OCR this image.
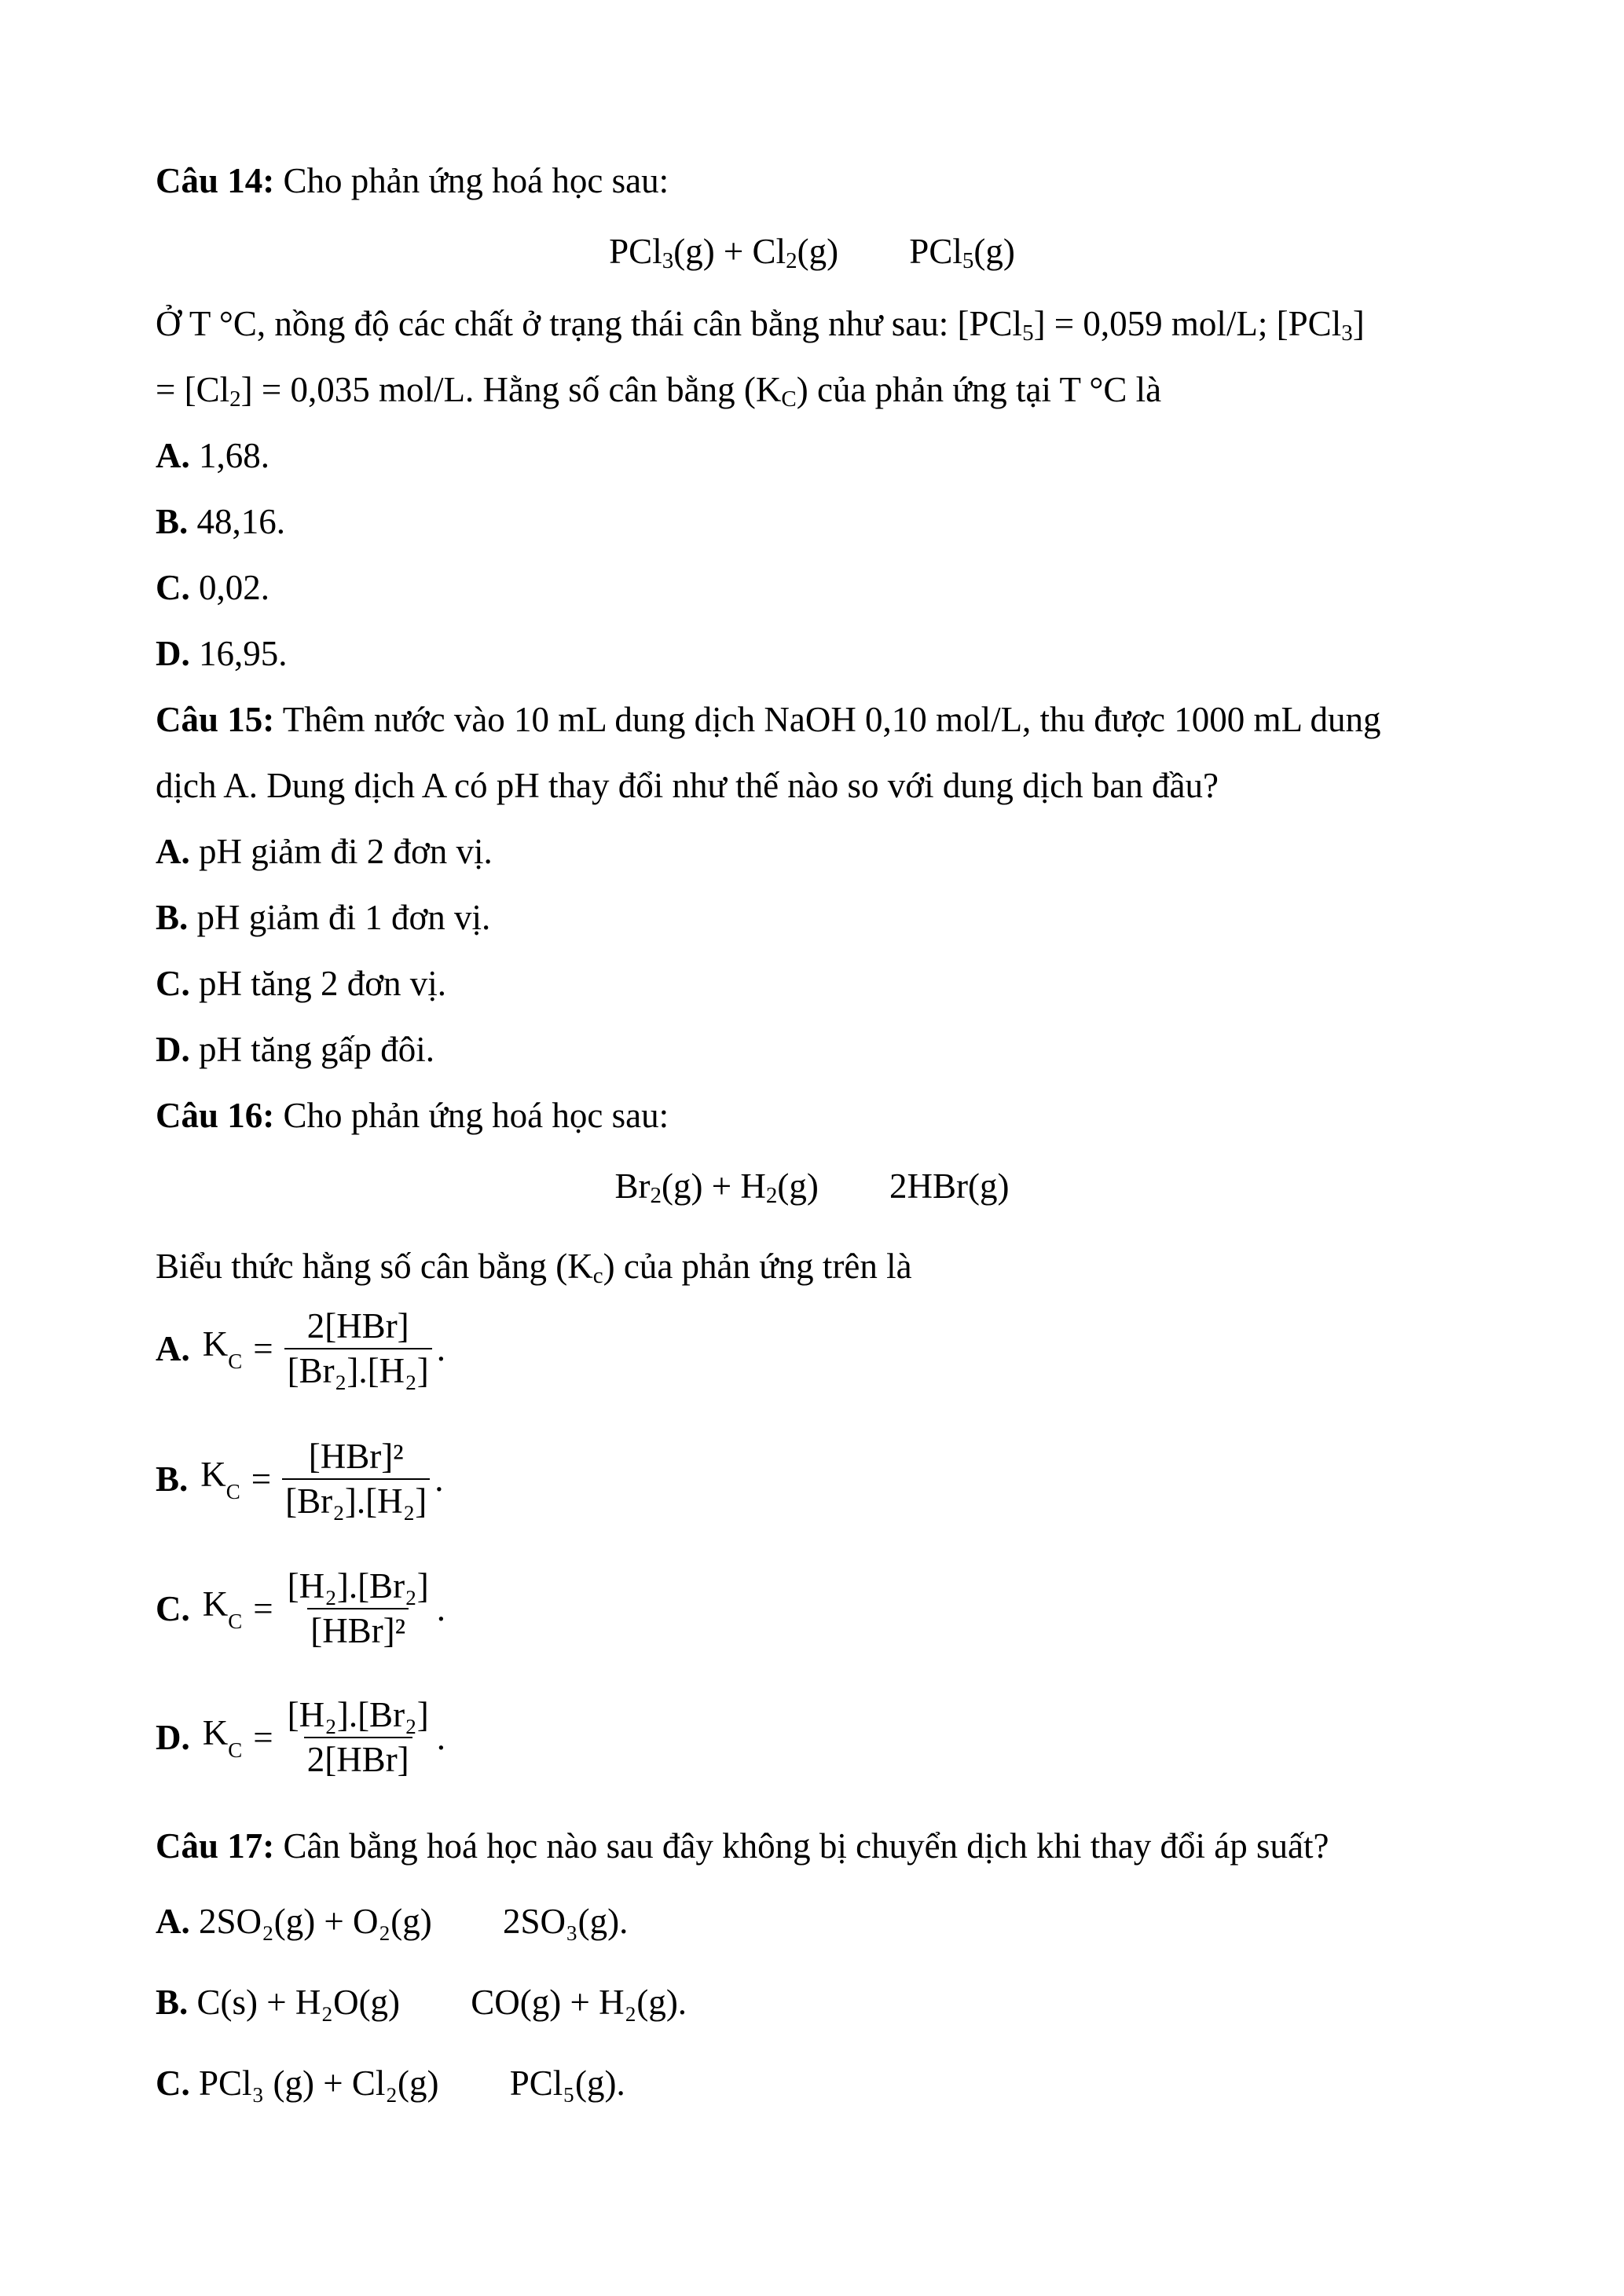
Câu 14: Cho phản ứng hoá học sau:
$PCl_3(g) + Cl_2(g)$ 󰇍󰇌 PCl$_5$(g)
Ở T °C, nồng độ các chất ở trạng thái cân bằng như sau: [PCl$_5$] = 0,059 mol/L; [PCl$_3$]
= $[Cl_2] = 0,035$ mol/L. Hằng số cân bằng $(K_C)$ của phản ứng tại T °C là
A. 1,68.
B. 48,16.
C. 0,02.
D. 16,95.
Câu 15: Thêm nước vào 10 mL dung dịch NaOH 0,10 mol/L, thu được 1000 mL dung
dịch A. Dung dịch A có pH thay đổi như thế nào so với dung dịch ban đầu?
A. pH giảm đi 2 đơn vị.
B. pH giảm đi 1 đơn vị.
C. pH tăng 2 đơn vị.
D. pH tăng gấp đôi.
Câu 16: Cho phản ứng hoá học sau:
$Br_2(g) + H_2(g)$ 󰇍󰇌 2HBr(g)
Biểu thức hằng số cân bằng $(K_c)$ của phản ứng trên là
A. $K_C = \frac{\text{2[HBr]}}{\text{[Br₂].[H₂]}}$ .
B. $K_C = \frac{\text{[HBr]²}}{\text{[Br₂].[H₂]}}$ .
C. $K_C = \frac{\text{[H₂].[Br₂]}}{\text{[HBr]²}}$ .
D. $K_C = \frac{\text{[H₂].[Br₂]}}{\text{2[HBr]}}$ .
Câu 17: Cân bằng hoá học nào sau đây không bị chuyển dịch khi thay đổi áp suất?
A. 2SO₂(g) + O₂(g) 󰇍󰇌 2SO₃(g).
B. C(s) + H₂O(g) 󰇍󰇌 CO(g) + H₂(g).
C. PCl₃ (g) + Cl₂(g) 󰇍󰇌 PCl₅(g).
